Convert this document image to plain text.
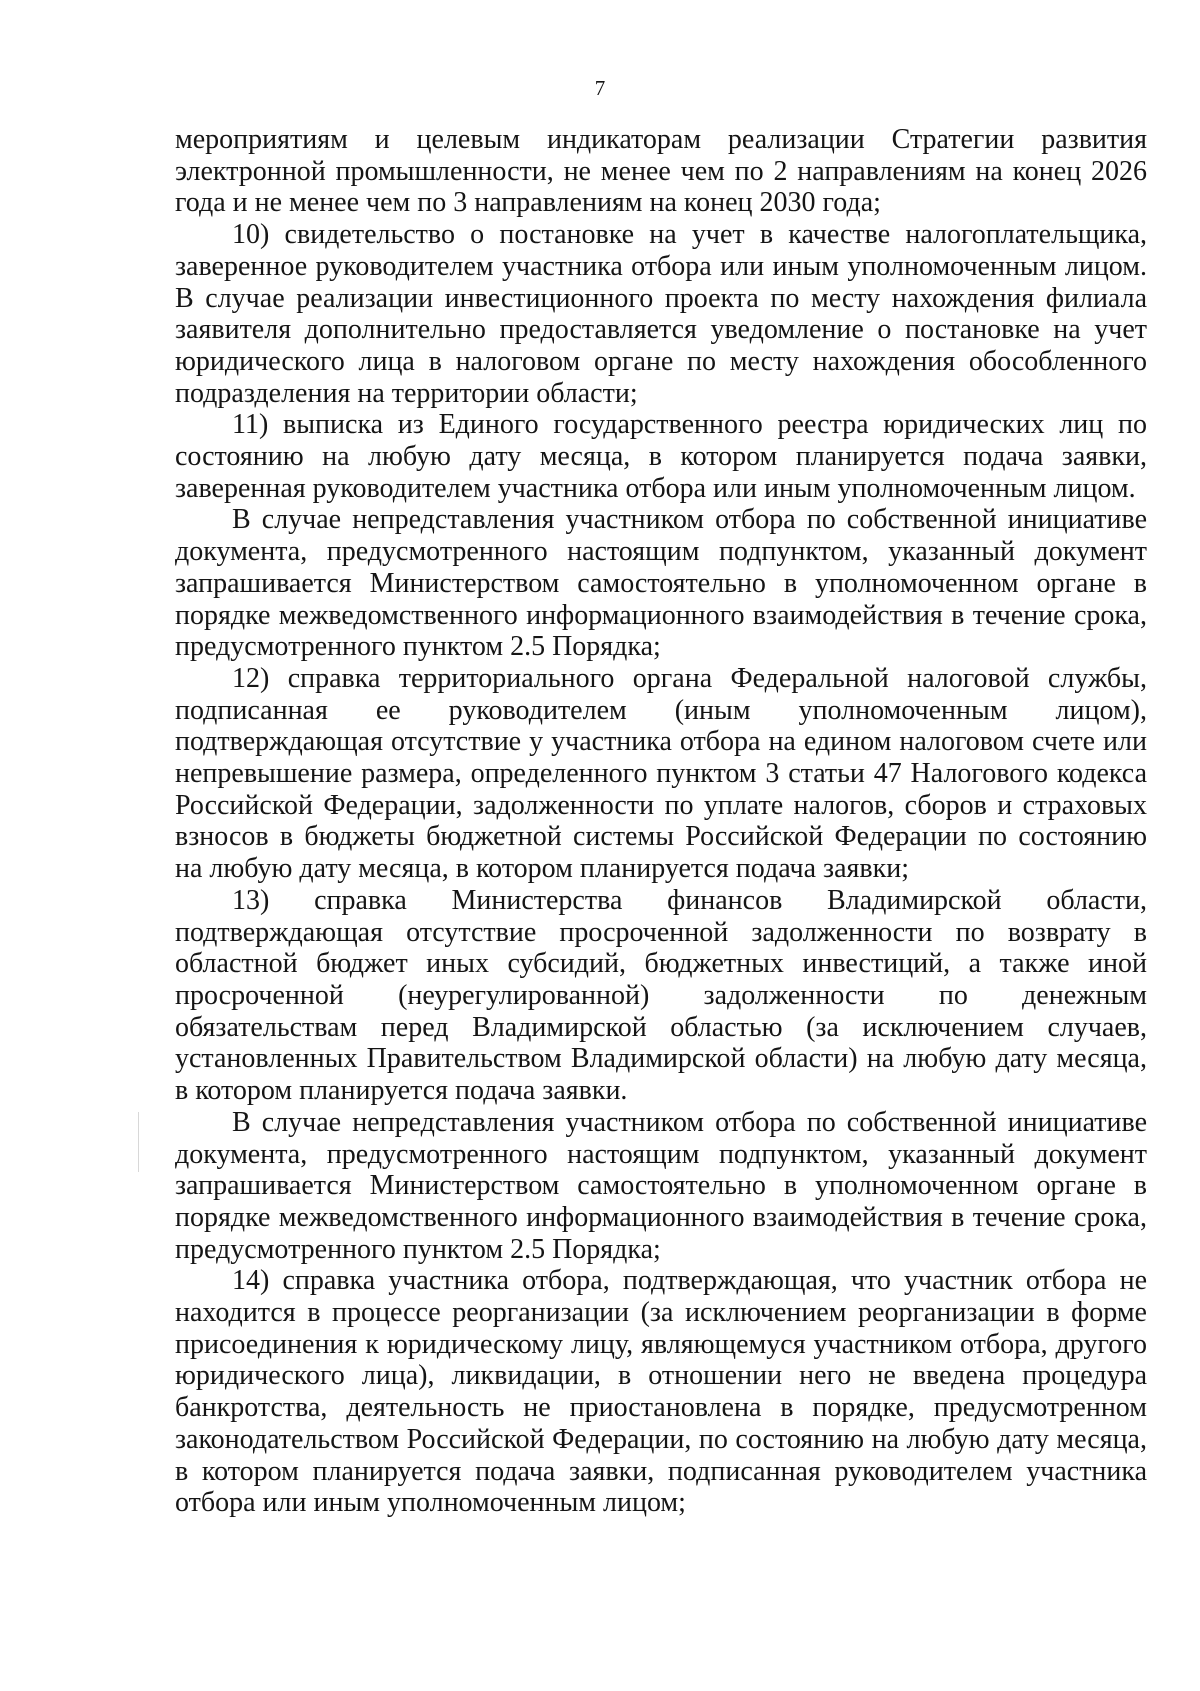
7

мероприятиям и целевым индикаторам реализации Стратегии развития электронной промышленности, не менее чем по 2 направлениям на конец 2026 года и не менее чем по 3 направлениям на конец 2030 года;

10) свидетельство о постановке на учет в качестве налогоплательщика, заверенное руководителем участника отбора или иным уполномоченным лицом. В случае реализации инвестиционного проекта по месту нахождения филиала заявителя дополнительно предоставляется уведомление о постановке на учет юридического лица в налоговом органе по месту нахождения обособленного подразделения на территории области;

11) выписка из Единого государственного реестра юридических лиц по состоянию на любую дату месяца, в котором планируется подача заявки, заверенная руководителем участника отбора или иным уполномоченным лицом.

В случае непредставления участником отбора по собственной инициативе документа, предусмотренного настоящим подпунктом, указанный документ запрашивается Министерством самостоятельно в уполномоченном органе в порядке межведомственного информационного взаимодействия в течение срока, предусмотренного пунктом 2.5 Порядка;

12) справка территориального органа Федеральной налоговой службы, подписанная ее руководителем (иным уполномоченным лицом), подтверждающая отсутствие у участника отбора на едином налоговом счете или непревышение размера, определенного пунктом 3 статьи 47 Налогового кодекса Российской Федерации, задолженности по уплате налогов, сборов и страховых взносов в бюджеты бюджетной системы Российской Федерации по состоянию на любую дату месяца, в котором планируется подача заявки;

13) справка Министерства финансов Владимирской области, подтверждающая отсутствие просроченной задолженности по возврату в областной бюджет иных субсидий, бюджетных инвестиций, а также иной просроченной (неурегулированной) задолженности по денежным обязательствам перед Владимирской областью (за исключением случаев, установленных Правительством Владимирской области) на любую дату месяца, в котором планируется подача заявки.

В случае непредставления участником отбора по собственной инициативе документа, предусмотренного настоящим подпунктом, указанный документ запрашивается Министерством самостоятельно в уполномоченном органе в порядке межведомственного информационного взаимодействия в течение срока, предусмотренного пунктом 2.5 Порядка;

14) справка участника отбора, подтверждающая, что участник отбора не находится в процессе реорганизации (за исключением реорганизации в форме присоединения к юридическому лицу, являющемуся участником отбора, другого юридического лица), ликвидации, в отношении него не введена процедура банкротства, деятельность не приостановлена в порядке, предусмотренном законодательством Российской Федерации, по состоянию на любую дату месяца, в котором планируется подача заявки, подписанная руководителем участника отбора или иным уполномоченным лицом;
